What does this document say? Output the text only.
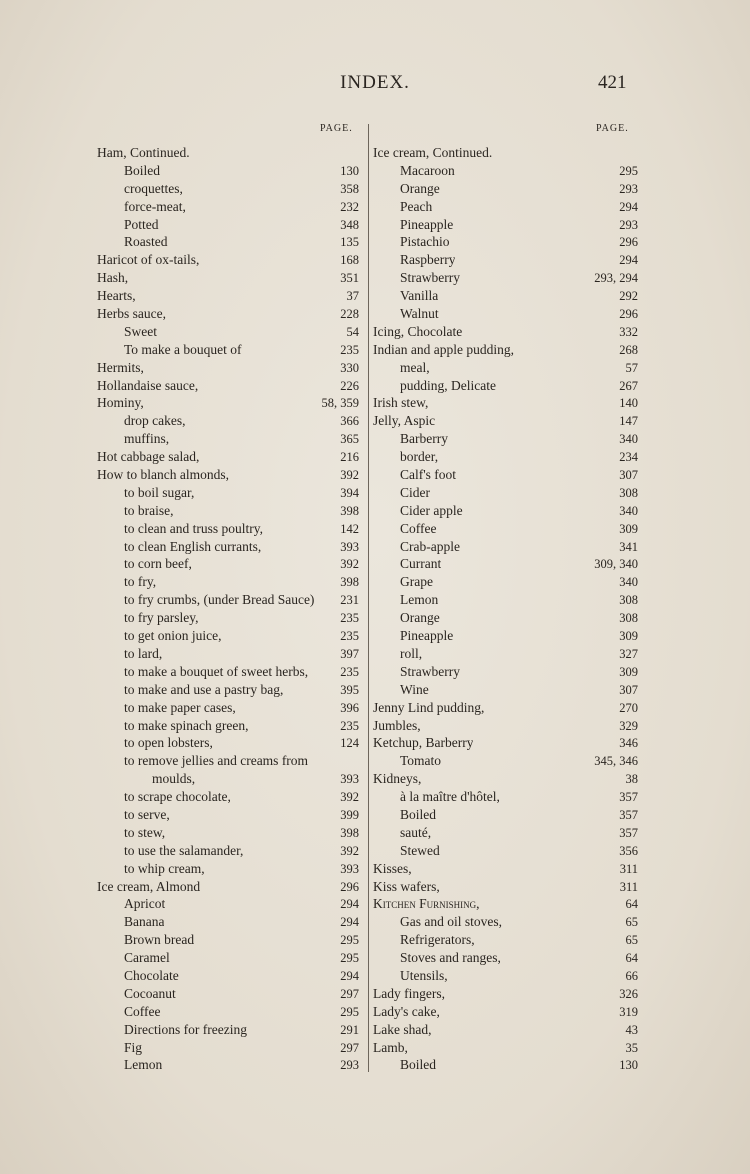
INDEX.	421
PAGE.	PAGE.
Ham, Continued.
Boiled	130
croquettes,	358
force-meat,	232
Potted	348
Roasted	135
Haricot of ox-tails,	168
Hash,	351
Hearts,	37
Herbs sauce,	228
Sweet	54
To make a bouquet of	235
Hermits,	330
Hollandaise sauce,	226
Hominy,	58, 359
drop cakes,	366
muffins,	365
Hot cabbage salad,	216
How to blanch almonds,	392
to boil sugar,	394
to braise,	398
to clean and truss poultry,	142
to clean English currants,	393
to corn beef,	392
to fry,	398
to fry crumbs, (under Bread Sauce) 231
to fry parsley,	235
to get onion juice,	235
to lard,	397
to make a bouquet of sweet herbs,	235
to make and use a pastry bag,	395
to make paper cases,	396
to make spinach green,	235
to open lobsters,	124
to remove jellies and creams from
moulds,	393
to scrape chocolate,	392
to serve,	399
to stew,	398
to use the salamander,	392
to whip cream,	393
Ice cream, Almond	296
Apricot	294
Banana	294
Brown bread	295
Caramel	295
Chocolate	294
Cocoanut	297
Coffee	295
Directions for freezing	291
Fig	297
Lemon	293
Ice cream, Continued.
Macaroon	295
Orange	293
Peach	294
Pineapple	293
Pistachio	296
Raspberry	294
Strawberry	293, 294
Vanilla	292
Walnut	296
Icing, Chocolate	332
Indian and apple pudding,	268
meal,	57
pudding, Delicate	267
Irish stew,	140
Jelly, Aspic	147
Barberry	340
border,	234
Calf's foot	307
Cider	308
Cider apple	340
Coffee	309
Crab-apple	341
Currant	309, 340
Grape	340
Lemon	308
Orange	308
Pineapple	309
roll,	327
Strawberry	309
Wine	307
Jenny Lind pudding,	270
Jumbles,	329
Ketchup, Barberry	346
Tomato	345, 346
Kidneys,	38
à la maître d'hôtel,	357
Boiled	357
sauté,	357
Stewed	356
Kisses,	311
Kiss wafers,	311
Kitchen Furnishing,	64
Gas and oil stoves,	65
Refrigerators,	65
Stoves and ranges,	64
Utensils,	66
Lady fingers,	326
Lady's cake,	319
Lake shad,	43
Lamb,	35
Boiled	130
